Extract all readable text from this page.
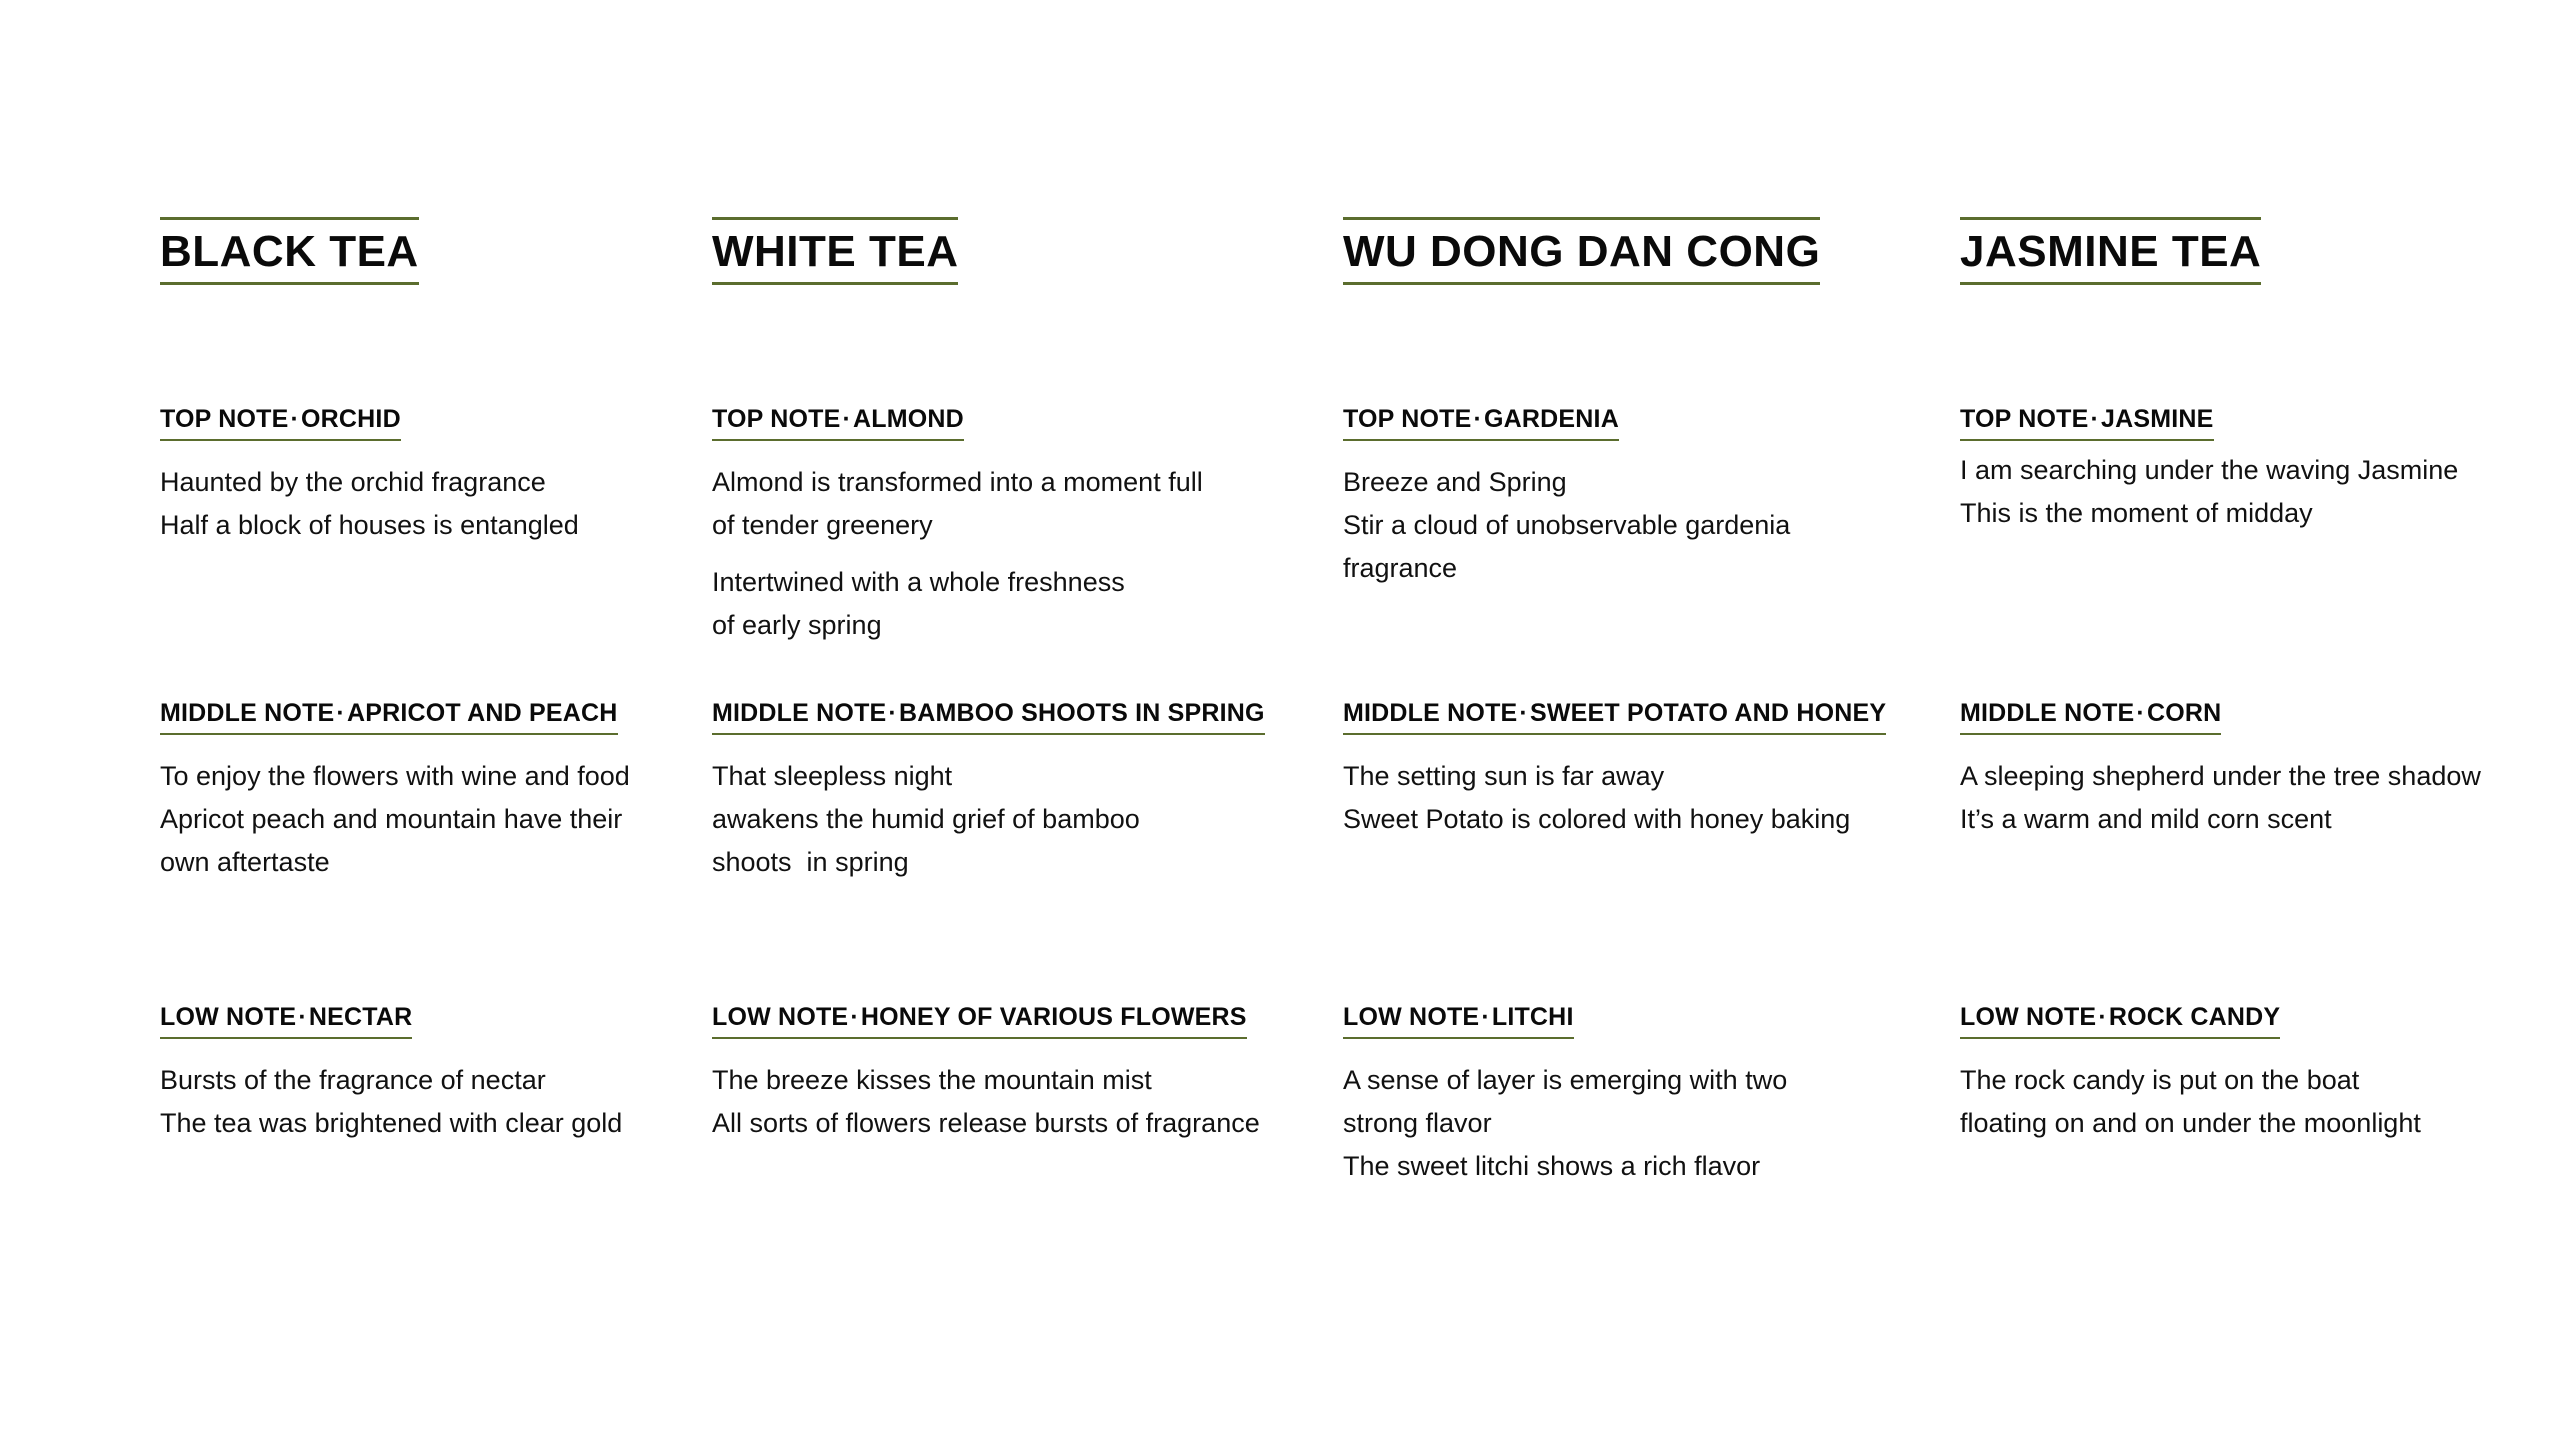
BLACK TEA
TOP NOTE·ORCHID
Haunted by the orchid fragrance
Half a block of houses is entangled
MIDDLE NOTE·APRICOT AND PEACH
To enjoy the flowers with wine and food
Apricot peach and mountain have their
own aftertaste
LOW NOTE·NECTAR
Bursts of the fragrance of nectar
The tea was brightened with clear gold
WHITE TEA
TOP NOTE·ALMOND
Almond is transformed into a moment full
of tender greenery
Intertwined with a whole freshness
of early spring
MIDDLE NOTE·BAMBOO SHOOTS IN SPRING
That sleepless night
awakens the humid grief of bamboo
shoots  in spring
LOW NOTE·HONEY OF VARIOUS FLOWERS
The breeze kisses the mountain mist
All sorts of flowers release bursts of fragrance
WU DONG DAN CONG
TOP NOTE·GARDENIA
Breeze and Spring
Stir a cloud of unobservable gardenia
fragrance
MIDDLE NOTE·SWEET POTATO AND HONEY
The setting sun is far away
Sweet Potato is colored with honey baking
LOW NOTE·LITCHI
A sense of layer is emerging with two
strong flavor
The sweet litchi shows a rich flavor
JASMINE TEA
TOP NOTE·JASMINE
I am searching under the waving Jasmine
This is the moment of midday
MIDDLE NOTE·CORN
A sleeping shepherd under the tree shadow
It’s a warm and mild corn scent
LOW NOTE·ROCK CANDY
The rock candy is put on the boat
floating on and on under the moonlight
